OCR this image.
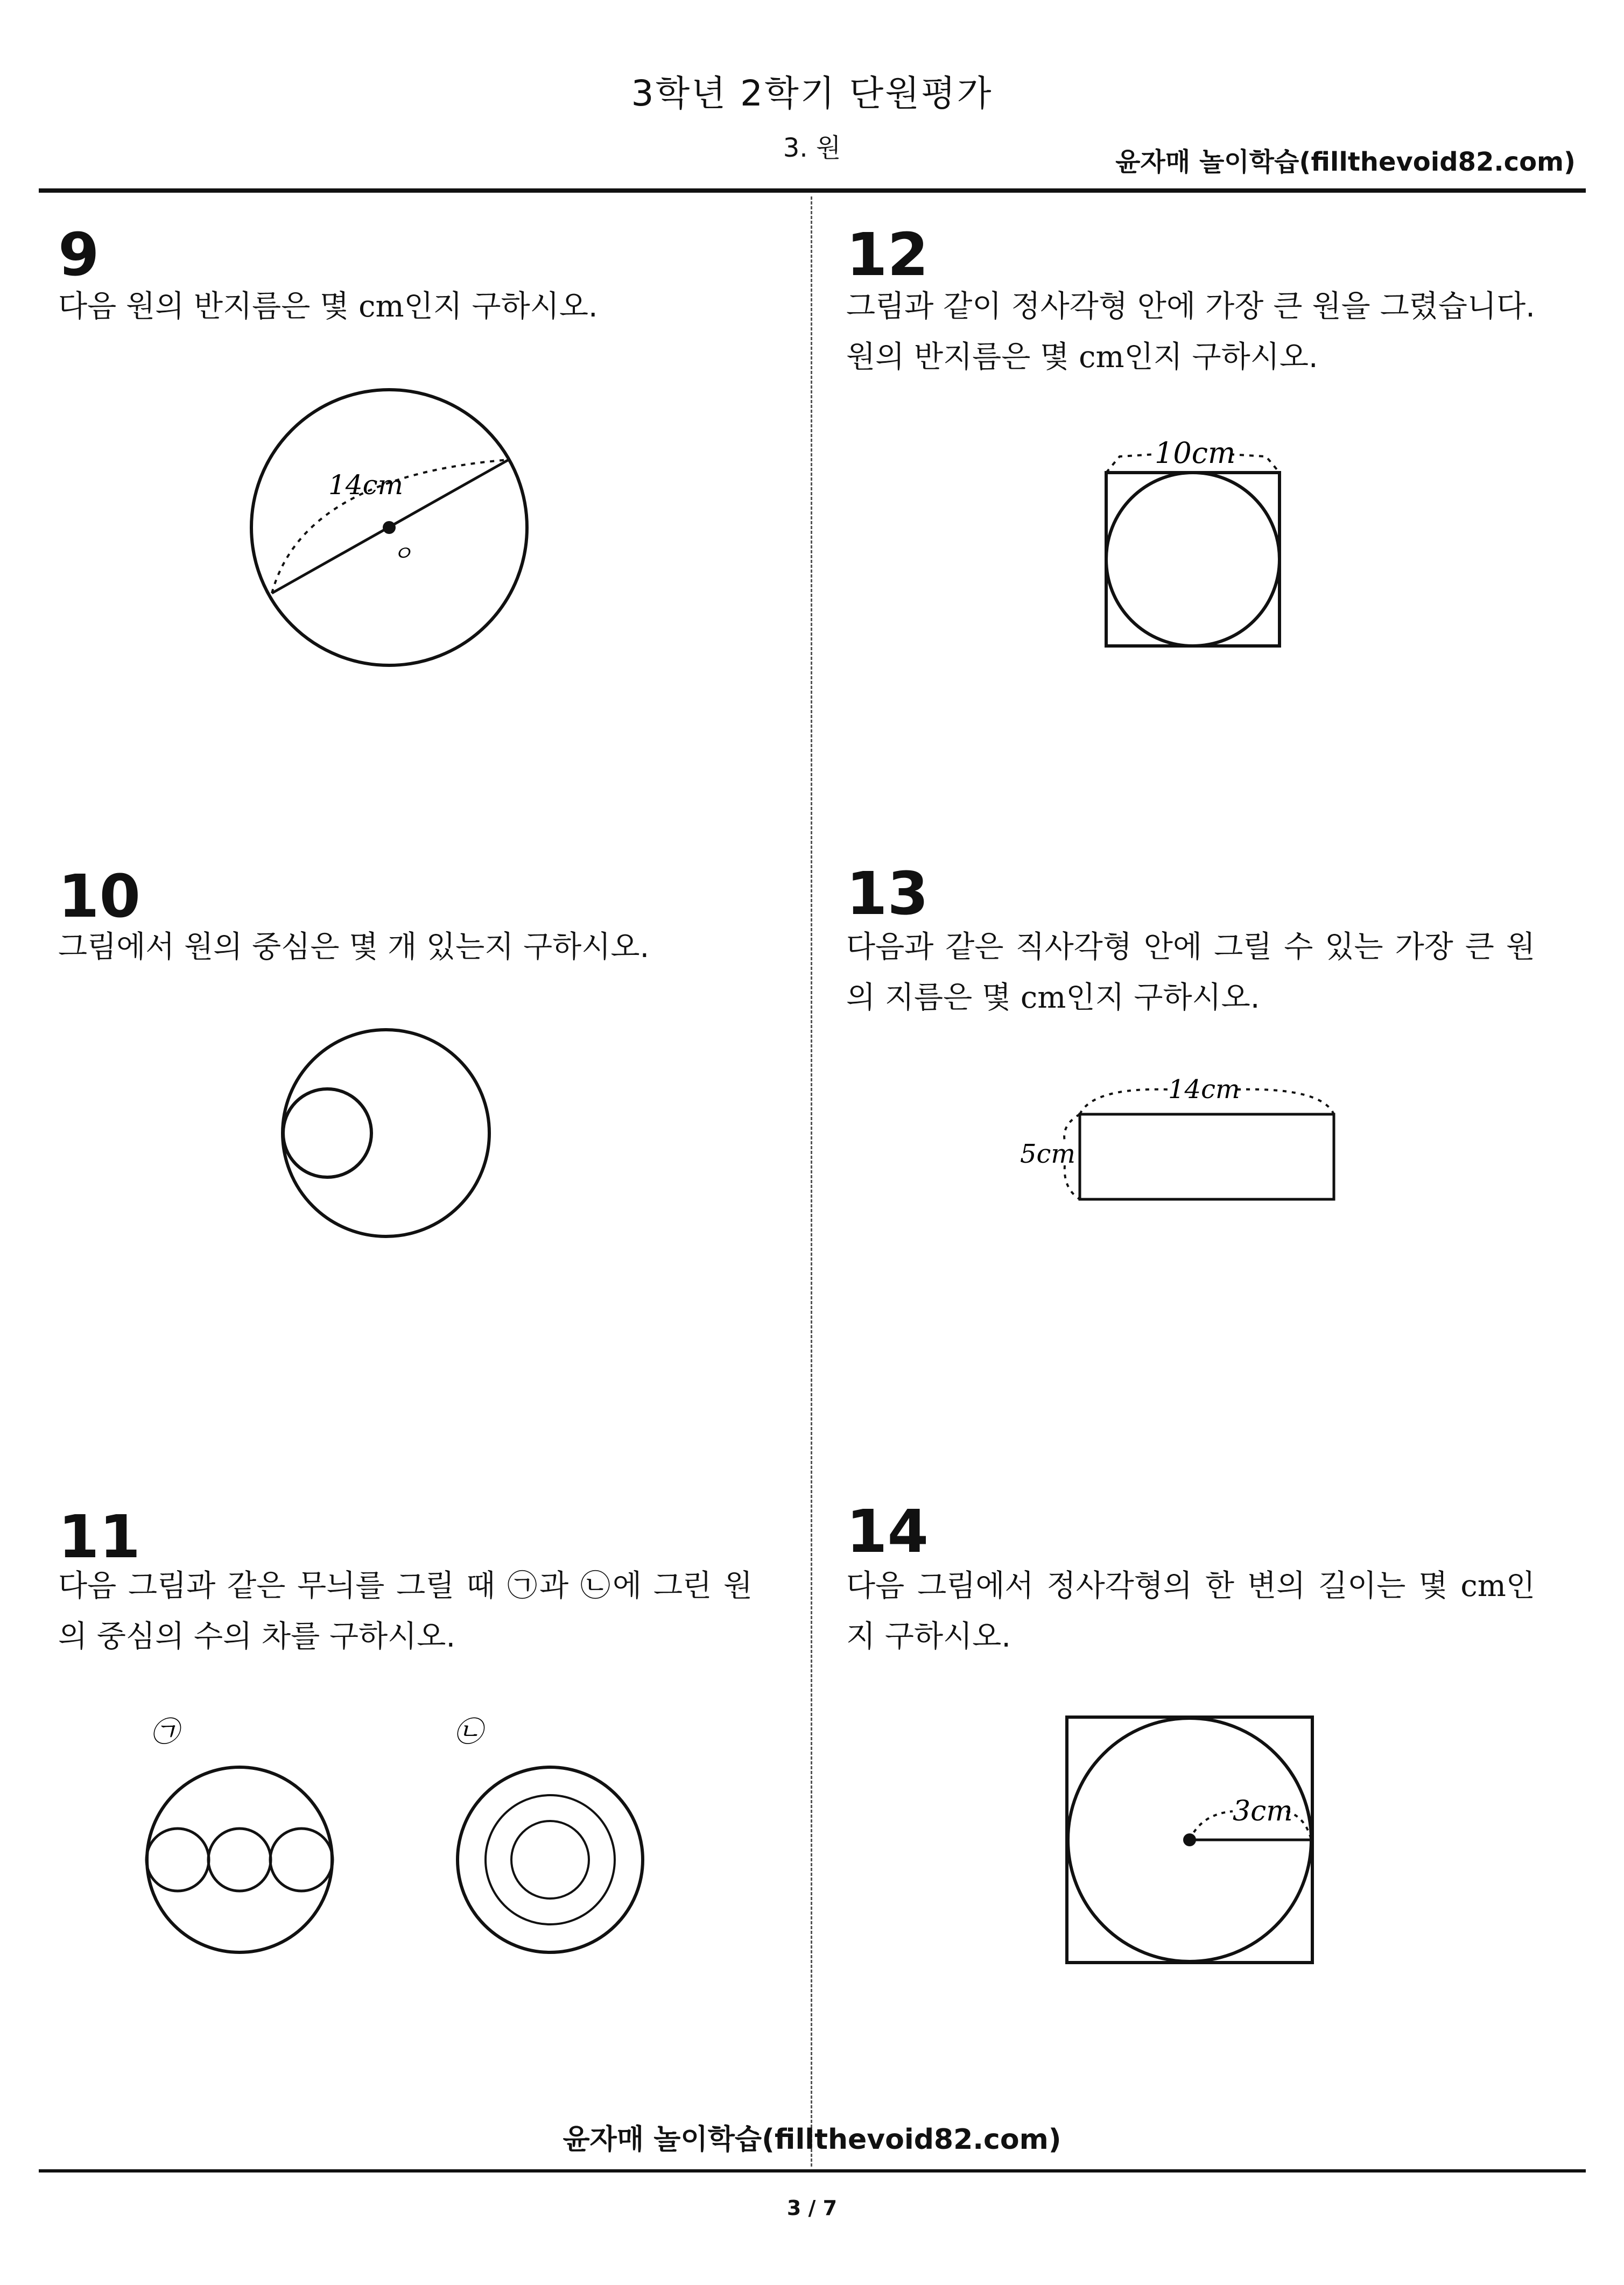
3학년 2학기 단원평가
3. 원	윤자매 놀이학습(fillthevoid82.com)
9
다음 원의 반지름은 몇 cm인지 구하시오.
14cm
ㅇ
10
그림에서 원의 중심은 몇 개 있는지 구하시오.
11
다음 그림과 같은 무늬를 그릴 때 ㉠과 ㉡에 그린 원의 중심의 수의 차를 구하시오.
㉠	㉡
12
그림과 같이 정사각형 안에 가장 큰 원을 그렸습니다. 원의 반지름은 몇 cm인지 구하시오.
10cm
13
다음과 같은 직사각형 안에 그릴 수 있는 가장 큰 원의 지름은 몇 cm인지 구하시오.
14cm
5cm
14
다음 그림에서 정사각형의 한 변의 길이는 몇 cm인지 구하시오.
3cm
윤자매 놀이학습(fillthevoid82.com)
3 / 7
